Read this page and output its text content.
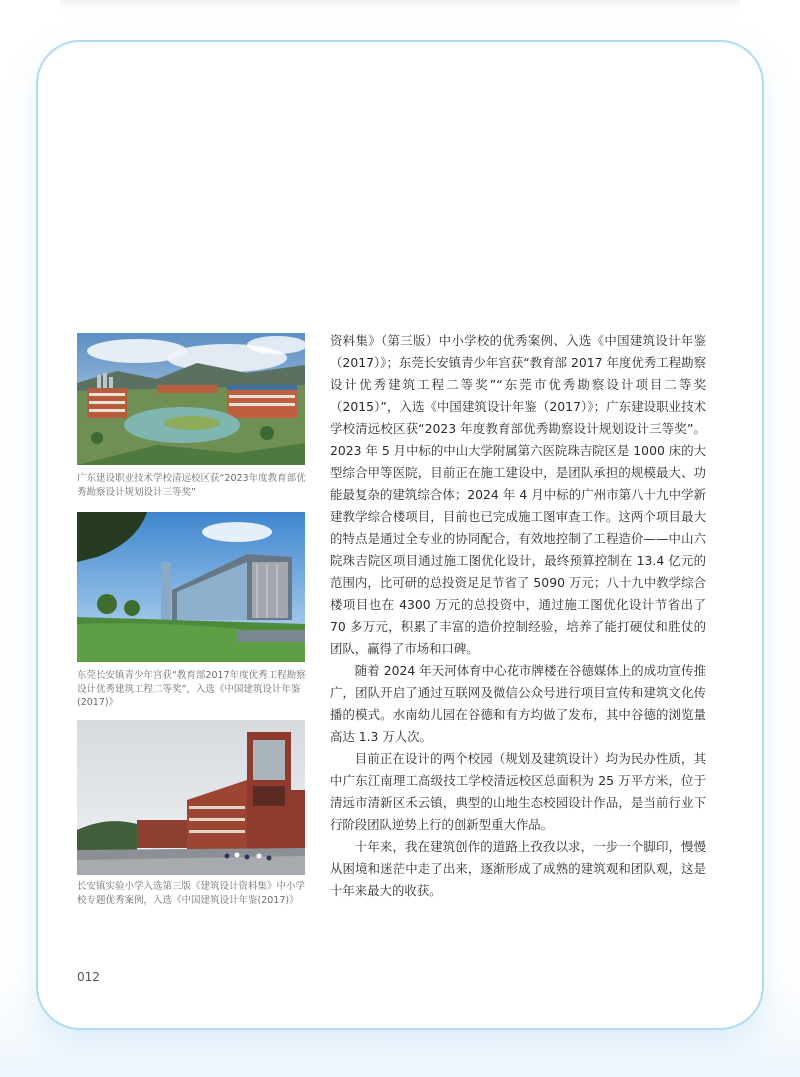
广东建设职业技术学校清远校区获“2023年度教育部优秀勘察设计规划设计三等奖”
东莞长安镇青少年宫获“教育部2017年度优秀工程勘察设计优秀建筑工程二等奖”，入选《中国建筑设计年鉴(2017)》
长安镇实验小学入选第三版《建筑设计资料集》中小学校专题优秀案例，入选《中国建筑设计年鉴(2017)》

资料集》（第三版）中小学校的优秀案例、入选《中国建筑设计年鉴（2017）》；东莞长安镇青少年宫获“教育部 2017 年度优秀工程勘察设计优秀建筑工程二等奖”“东莞市优秀勘察设计项目二等奖（2015）”，入选《中国建筑设计年鉴（2017）》；广东建设职业技术学校清远校区获“2023 年度教育部优秀勘察设计规划设计三等奖”。2023 年 5 月中标的中山大学附属第六医院珠吉院区是 1000 床的大型综合甲等医院，目前正在施工建设中，是团队承担的规模最大、功能最复杂的建筑综合体；2024 年 4 月中标的广州市第八十九中学新建教学综合楼项目，目前也已完成施工图审查工作。这两个项目最大的特点是通过全专业的协同配合，有效地控制了工程造价——中山六院珠吉院区项目通过施工图优化设计，最终预算控制在 13.4 亿元的范围内，比可研的总投资足足节省了 5090 万元；八十九中教学综合楼项目也在 4300 万元的总投资中，通过施工图优化设计节省出了 70 多万元，积累了丰富的造价控制经验，培养了能打硬仗和胜仗的团队，赢得了市场和口碑。

随着 2024 年天河体育中心花市牌楼在谷德媒体上的成功宣传推广，团队开启了通过互联网及微信公众号进行项目宣传和建筑文化传播的模式。水南幼儿园在谷德和有方均做了发布，其中谷德的浏览量高达 1.3 万人次。

目前正在设计的两个校园（规划及建筑设计）均为民办性质，其中广东江南理工高级技工学校清远校区总面积为 25 万平方米，位于清远市清新区禾云镇，典型的山地生态校园设计作品，是当前行业下行阶段团队逆势上行的创新型重大作品。

十年来，我在建筑创作的道路上孜孜以求，一步一个脚印，慢慢从困境和迷茫中走了出来，逐渐形成了成熟的建筑观和团队观，这是十年来最大的收获。

012
